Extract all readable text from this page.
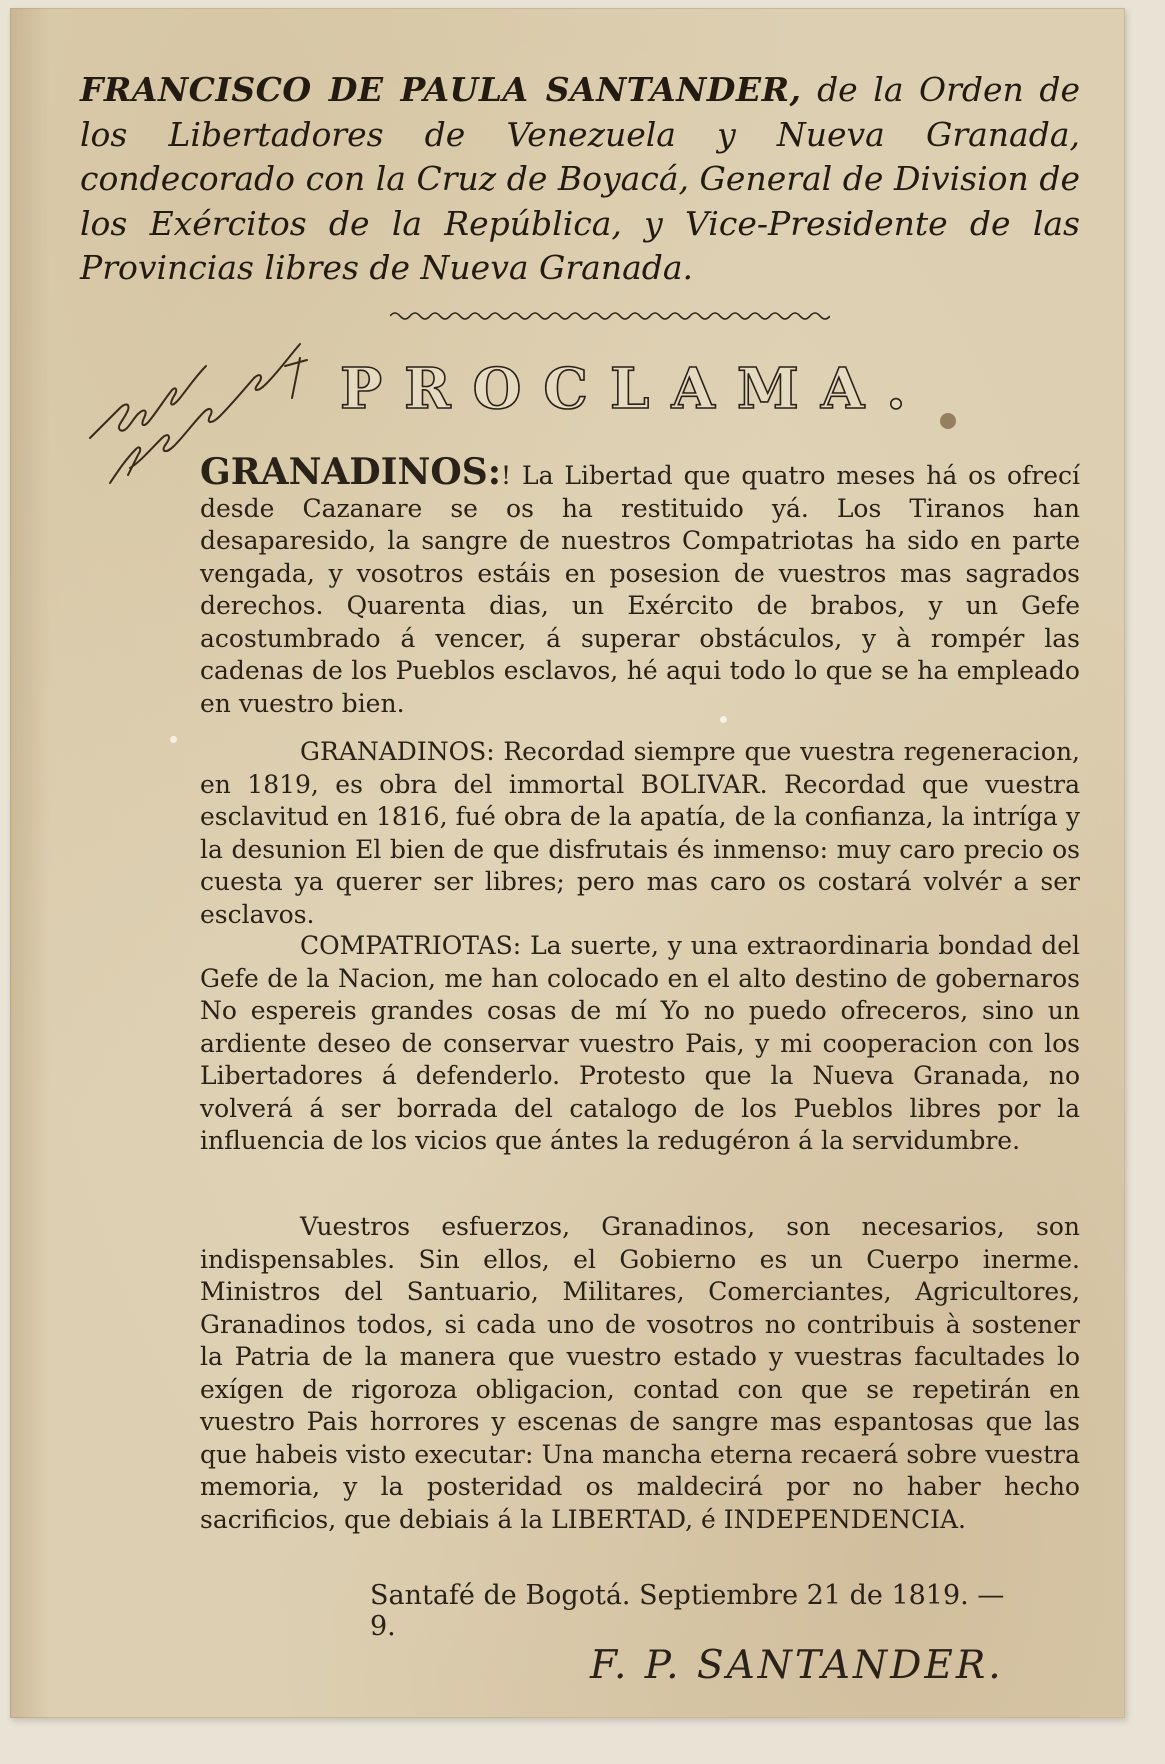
FRANCISCO DE PAULA SANTANDER, de la Orden de los Libertadores de Venezuela y Nueva Granada, condecorado con la Cruz de Boyacá, General de Division de los Exércitos de la República, y Vice-Presidente de las Provincias libres de Nueva Granada.
PROCLAMA.

GRANADINOS:! La Libertad que quatro meses há os ofrecí desde Cazanare se os ha restituido yá. Los Tiranos han desaparesido, la sangre de nuestros Compatriotas ha sido en parte vengada, y vosotros estáis en posesion de vuestros mas sagrados derechos. Quarenta dias, un Exército de brabos, y un Gefe acostumbrado á vencer, á superar obstáculos, y à rompér las cadenas de los Pueblos esclavos, hé aqui todo lo que se ha empleado en vuestro bien.

GRANADINOS: Recordad siempre que vuestra regeneracion, en 1819, es obra del immortal BOLIVAR. Recordad que vuestra esclavitud en 1816, fué obra de la apatía, de la confianza, la intríga y la desunion El bien de que disfrutais és inmenso: muy caro precio os cuesta ya querer ser libres; pero mas caro os costará volvér a ser esclavos.

COMPATRIOTAS: La suerte, y una extraordinaria bondad del Gefe de la Nacion, me han colocado en el alto destino de gobernaros No espereis grandes cosas de mí Yo no puedo ofreceros, sino un ardiente deseo de conservar vuestro Pais, y mi cooperacion con los Libertadores á defenderlo. Protesto que la Nueva Granada, no volverá á ser borrada del catalogo de los Pueblos libres por la influencia de los vicios que ántes la redugéron á la servidumbre.

Vuestros esfuerzos, Granadinos, son necesarios, son indispensables. Sin ellos, el Gobierno es un Cuerpo inerme. Ministros del Santuario, Militares, Comerciantes, Agricultores, Granadinos todos, si cada uno de vosotros no contribuis à sostener la Patria de la manera que vuestro estado y vuestras facultades lo exígen de rigoroza obligacion, contad con que se repetirán en vuestro Pais horrores y escenas de sangre mas espantosas que las que habeis visto executar: Una mancha eterna recaerá sobre vuestra memoria, y la posteridad os maldecirá por no haber hecho sacrificios, que debiais á la LIBERTAD, é INDEPENDENCIA.

Santafé de Bogotá. Septiembre 21 de 1819. — 9.
F. P. SANTANDER.
